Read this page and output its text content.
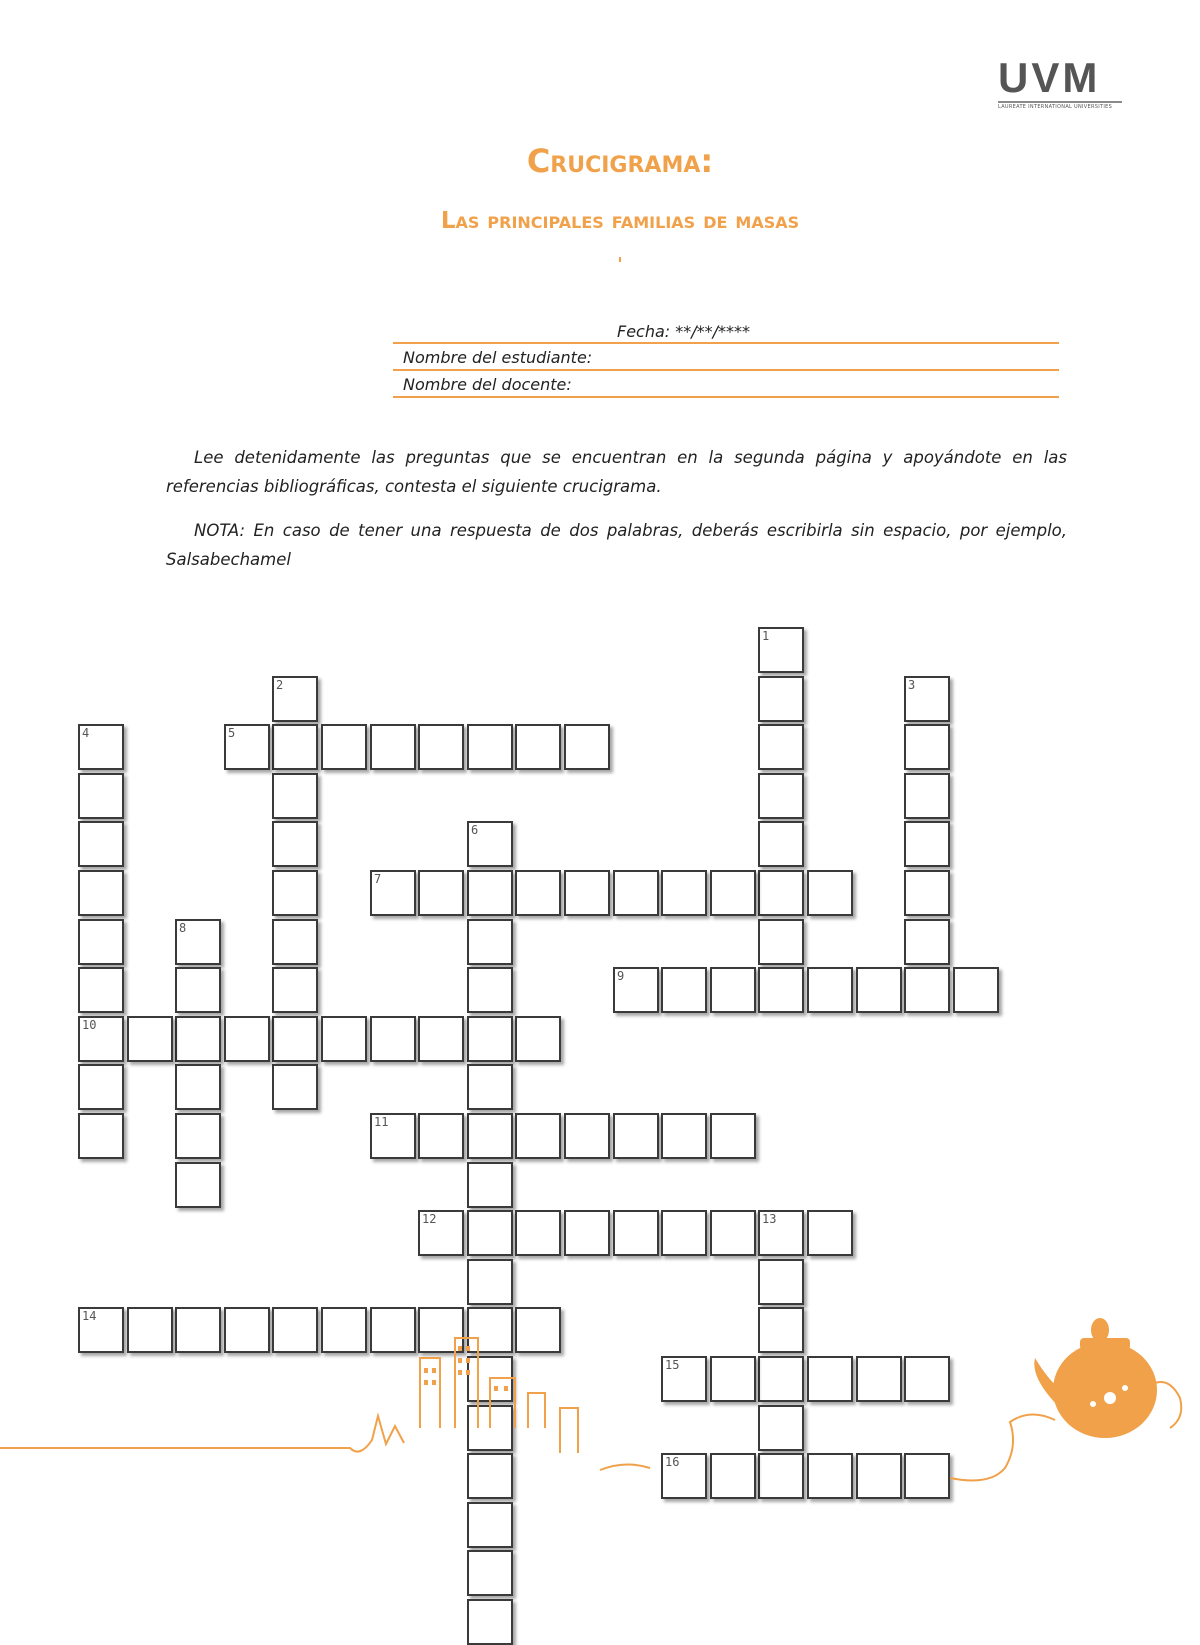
UVM
LAUREATE INTERNATIONAL UNIVERSITIES
Crucigrama:
Las principales familias de masas
Fecha: **/**/****
Nombre del estudiante:
Nombre del docente:
Lee detenidamente las preguntas que se encuentran en la segunda página y apoyándote en las referencias bibliográficas, contesta el siguiente crucigrama.
NOTA: En caso de tener una respuesta de dos palabras, deberás escribirla sin espacio, por ejemplo, Salsabechamel
1
2	3
4
10
5
6
7
8
9
11
12	13
14
15
16
